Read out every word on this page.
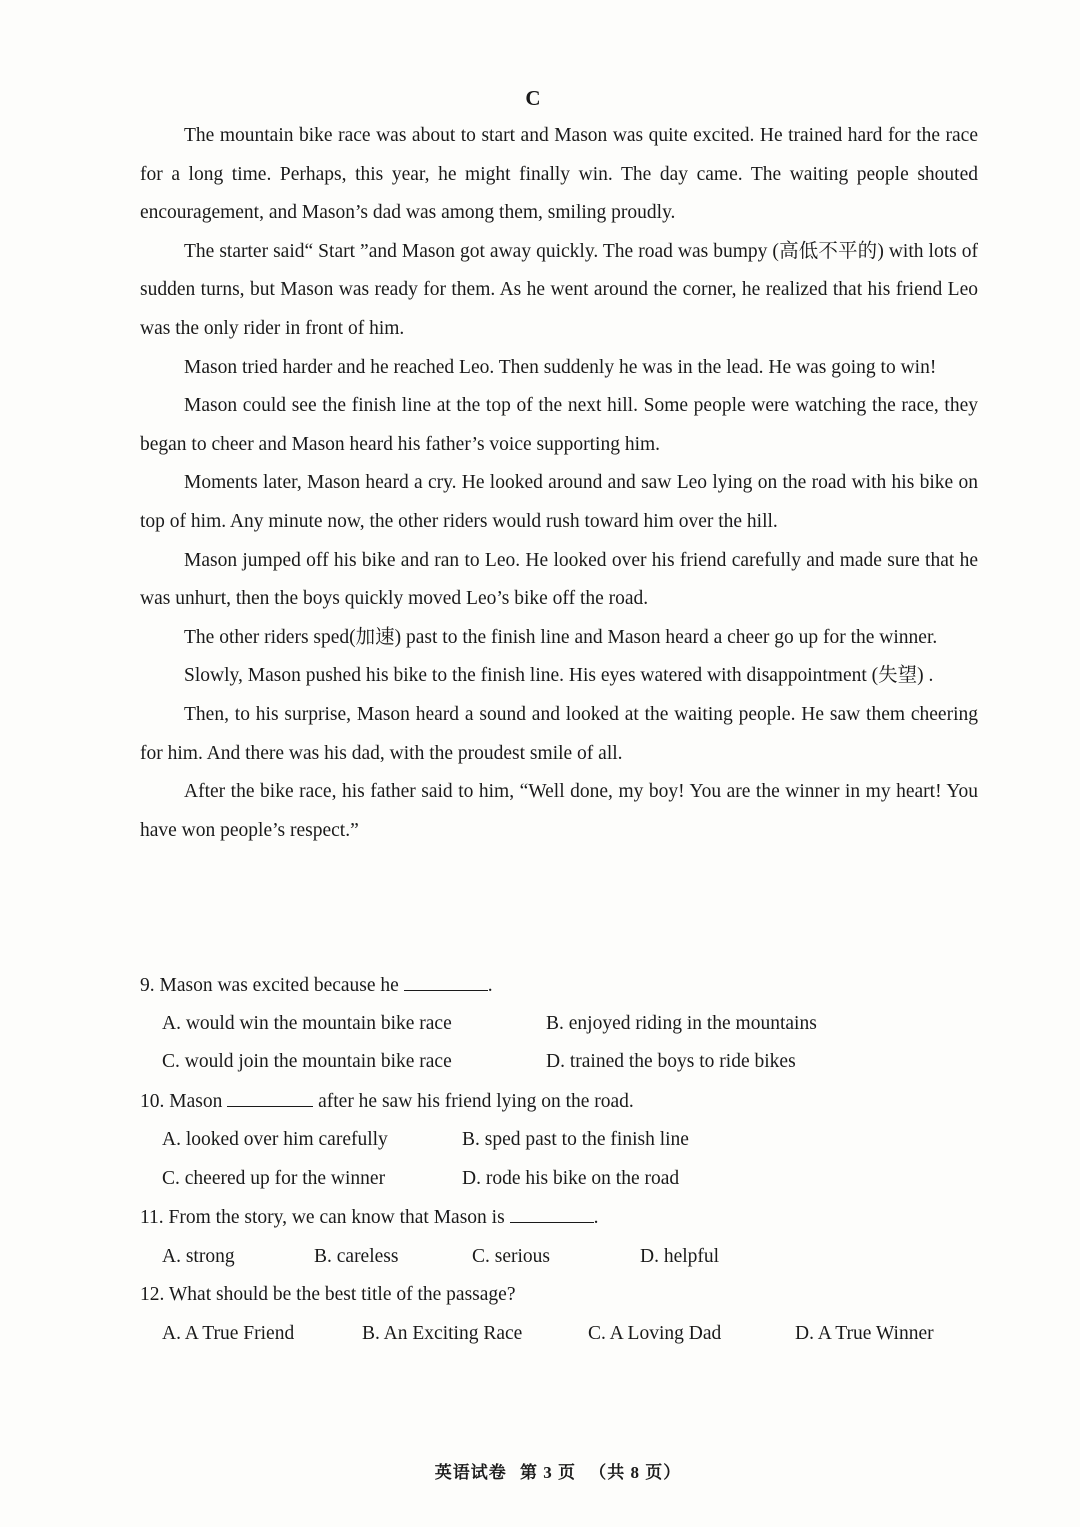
C

The mountain bike race was about to start and Mason was quite excited. He trained hard for the race for a long time. Perhaps, this year, he might finally win. The day came. The waiting people shouted encouragement, and Mason’s dad was among them, smiling proudly.

The starter said“ Start ”and Mason got away quickly. The road was bumpy (高低不平的) with lots of sudden turns, but Mason was ready for them. As he went around the corner, he realized that his friend Leo was the only rider in front of him.

Mason tried harder and he reached Leo. Then suddenly he was in the lead. He was going to win!

Mason could see the finish line at the top of the next hill. Some people were watching the race, they began to cheer and Mason heard his father’s voice supporting him.

Moments later, Mason heard a cry. He looked around and saw Leo lying on the road with his bike on top of him. Any minute now, the other riders would rush toward him over the hill.

Mason jumped off his bike and ran to Leo. He looked over his friend carefully and made sure that he was unhurt, then the boys quickly moved Leo’s bike off the road.

The other riders sped(加速) past to the finish line and Mason heard a cheer go up for the winner.

Slowly, Mason pushed his bike to the finish line. His eyes watered with disappointment (失望) .

Then, to his surprise, Mason heard a sound and looked at the waiting people. He saw them cheering for him. And there was his dad, with the proudest smile of all.

After the bike race, his father said to him, “Well done, my boy! You are the winner in my heart! You have won people’s respect.”

9. Mason was excited because he	.
A. would win the mountain bike race	B. enjoyed riding in the mountains
C. would join the mountain bike race	D. trained the boys to ride bikes
10. Mason	after he saw his friend lying on the road.
A. looked over him carefully	B. sped past to the finish line
C. cheered up for the winner	D. rode his bike on the road
11. From the story, we can know that Mason is	.
A. strong	B. careless	C. serious	D. helpful
12. What should be the best title of the passage?
A. A True Friend	B. An Exciting Race	C. A Loving Dad	D. A True Winner
英语试卷 第 3 页 （共 8 页）
